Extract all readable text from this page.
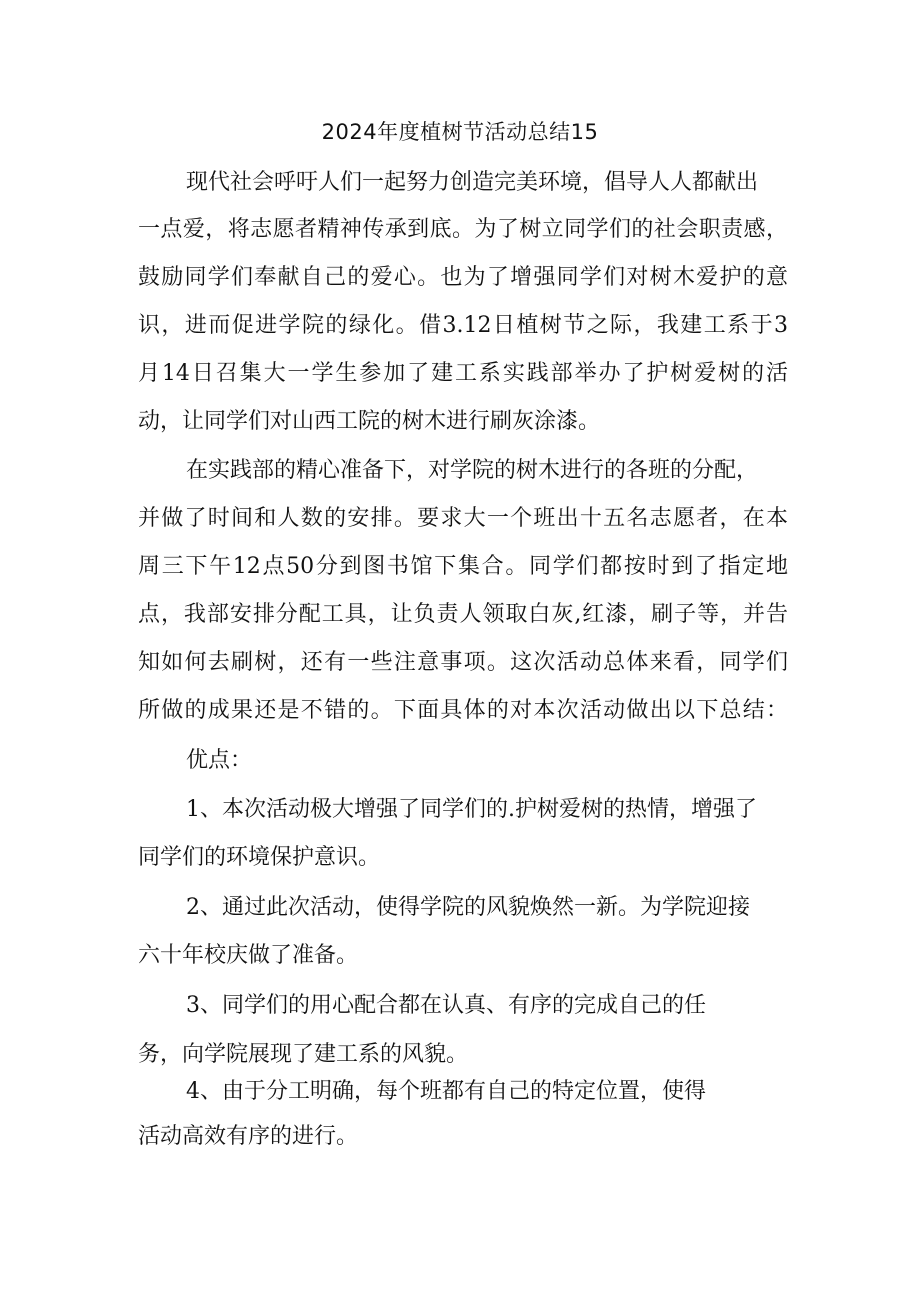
2024年度植树节活动总结15
现代社会呼吁人们一起努力创造完美环境，倡导人人都献出
一点爱，将志愿者精神传承到底。为了树立同学们的社会职责感，
鼓励同学们奉献自己的爱心。也为了增强同学们对树木爱护的意
识，进而促进学院的绿化。借3.12日植树节之际，我建工系于3
月14日召集大一学生参加了建工系实践部举办了护树爱树的活
动，让同学们对山西工院的树木进行刷灰涂漆。
在实践部的精心准备下，对学院的树木进行的各班的分配，
并做了时间和人数的安排。要求大一个班出十五名志愿者，在本
周三下午12点50分到图书馆下集合。同学们都按时到了指定地
点，我部安排分配工具，让负责人领取白灰,红漆，刷子等，并告
知如何去刷树，还有一些注意事项。这次活动总体来看，同学们
所做的成果还是不错的。下面具体的对本次活动做出以下总结：
优点：
1、本次活动极大增强了同学们的.护树爱树的热情，增强了
同学们的环境保护意识。
2、通过此次活动，使得学院的风貌焕然一新。为学院迎接
六十年校庆做了准备。
3、同学们的用心配合都在认真、有序的完成自己的任
务，向学院展现了建工系的风貌。
4、由于分工明确，每个班都有自己的特定位置，使得
活动高效有序的进行。
